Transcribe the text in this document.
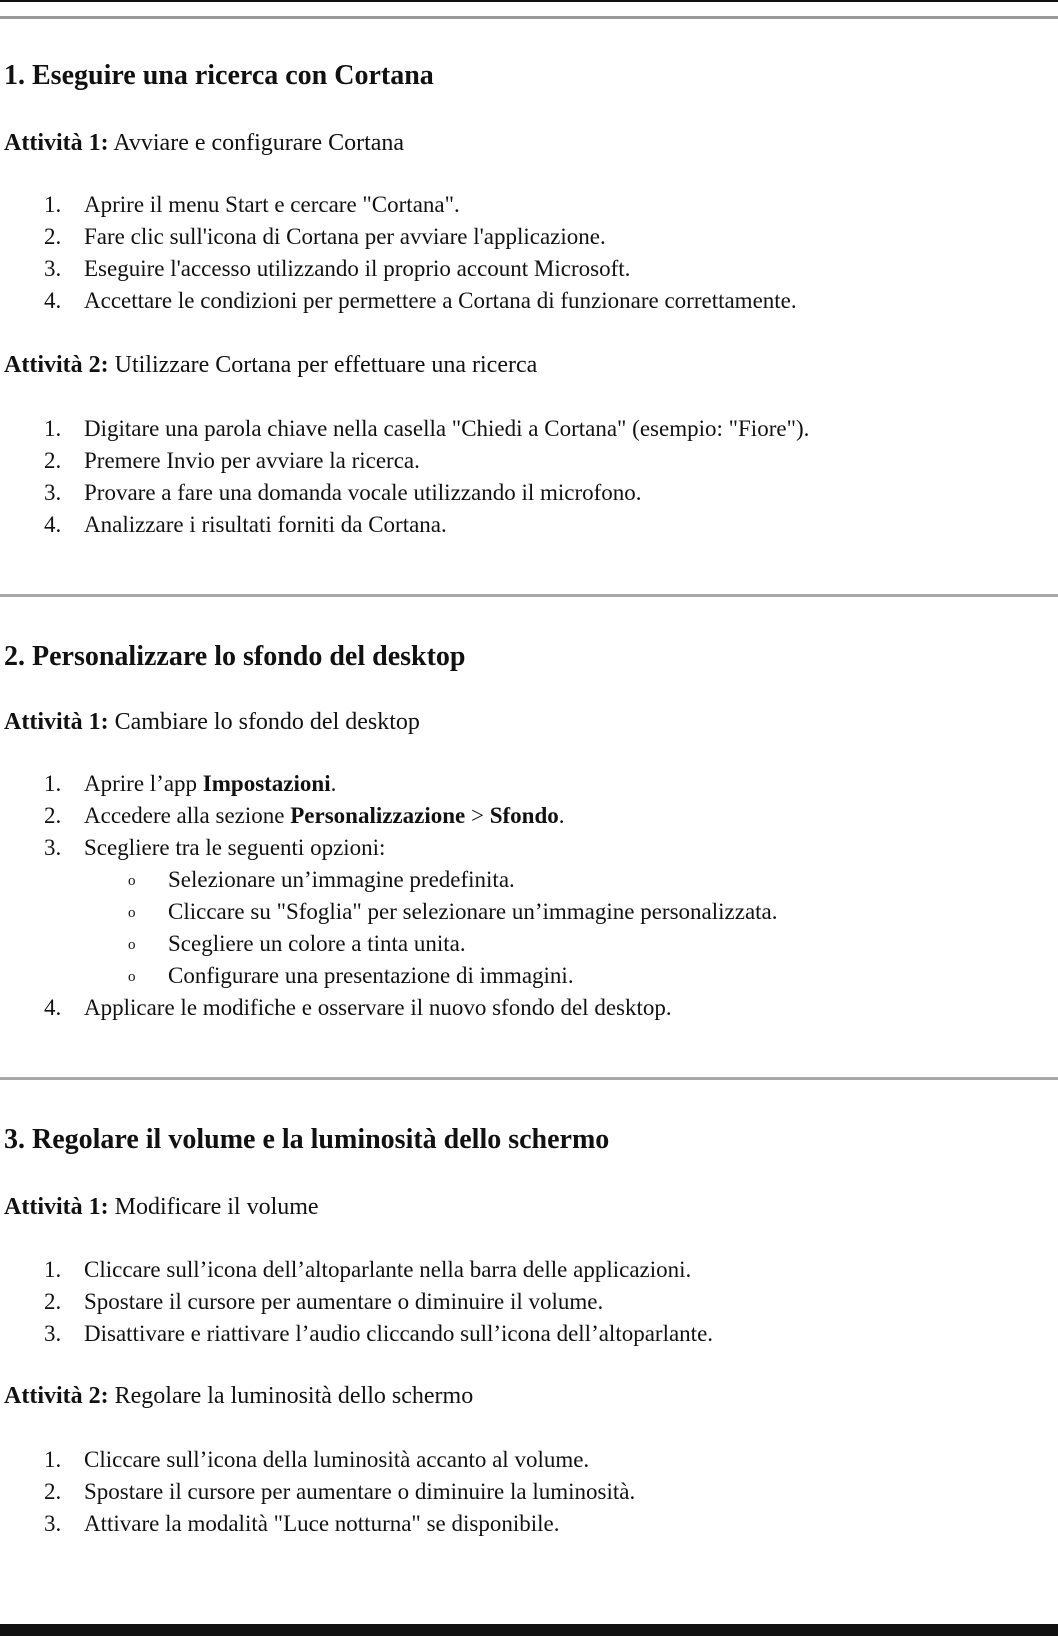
1. Eseguire una ricerca con Cortana

Attività 1: Avviare e configurare Cortana

1. Aprire il menu Start e cercare "Cortana".

2. Fare clic sull'icona di Cortana per avviare l'applicazione.

3. Eseguire l'accesso utilizzando il proprio account Microsoft.

4. Accettare le condizioni per permettere a Cortana di funzionare correttamente.

Attività 2: Utilizzare Cortana per effettuare una ricerca

1. Digitare una parola chiave nella casella "Chiedi a Cortana" (esempio: "Fiore").

2. Premere Invio per avviare la ricerca.

3. Provare a fare una domanda vocale utilizzando il microfono.

4. Analizzare i risultati forniti da Cortana.

2. Personalizzare lo sfondo del desktop

Attività 1: Cambiare lo sfondo del desktop

1. Aprire l’app Impostazioni.

2. Accedere alla sezione Personalizzazione > Sfondo.

3. Scegliere tra le seguenti opzioni:

o Selezionare un’immagine predefinita.

o Cliccare su "Sfoglia" per selezionare un’immagine personalizzata.

o Scegliere un colore a tinta unita.

o Configurare una presentazione di immagini.

4. Applicare le modifiche e osservare il nuovo sfondo del desktop.

3. Regolare il volume e la luminosità dello schermo

Attività 1: Modificare il volume

1. Cliccare sull’icona dell’altoparlante nella barra delle applicazioni.

2. Spostare il cursore per aumentare o diminuire il volume.

3. Disattivare e riattivare l’audio cliccando sull’icona dell’altoparlante.

Attività 2: Regolare la luminosità dello schermo

1. Cliccare sull’icona della luminosità accanto al volume.

2. Spostare il cursore per aumentare o diminuire la luminosità.

3. Attivare la modalità "Luce notturna" se disponibile.
